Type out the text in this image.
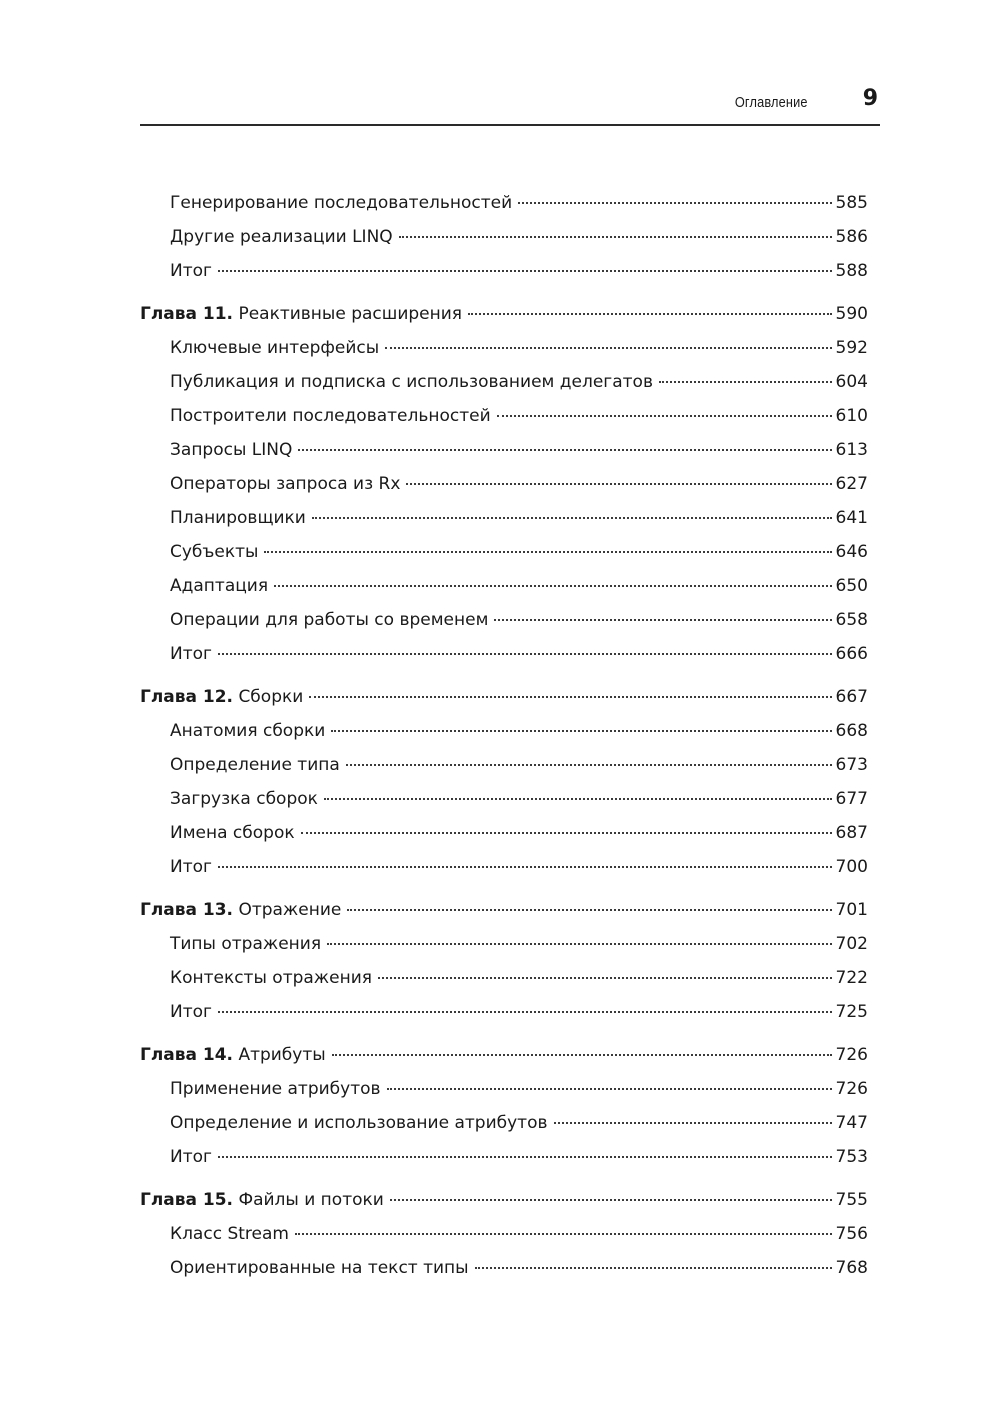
Оглавление 9
Генерирование последовательностей	585
Другие реализации LINQ	586
Итог	588
Глава 11. Реактивные расширения	590
Ключевые интерфейсы	592
Публикация и подписка с использованием делегатов	604
Построители последовательностей	610
Запросы LINQ	613
Операторы запроса из Rx	627
Планировщики	641
Субъекты	646
Адаптация	650
Операции для работы со временем	658
Итог	666
Глава 12. Сборки	667
Анатомия сборки	668
Определение типа	673
Загрузка сборок	677
Имена сборок	687
Итог	700
Глава 13. Отражение	701
Типы отражения	702
Контексты отражения	722
Итог	725
Глава 14. Атрибуты	726
Применение атрибутов	726
Определение и использование атрибутов	747
Итог	753
Глава 15. Файлы и потоки	755
Класс Stream	756
Ориентированные на текст типы	768
